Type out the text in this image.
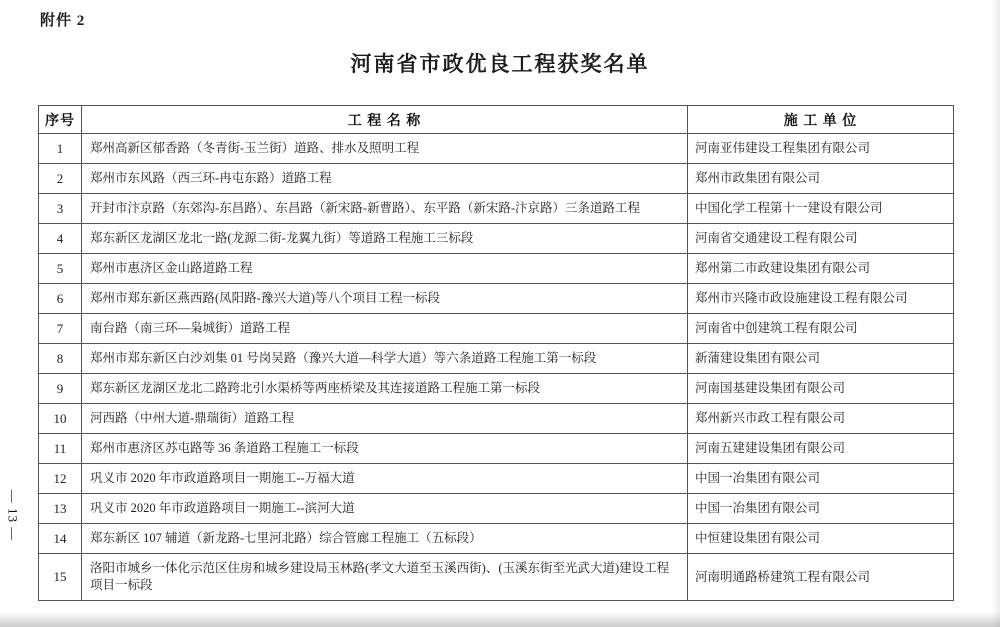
附件 2
河南省市政优良工程获奖名单
— 13 —
序号	工 程 名 称	施 工 单 位
1	郑州高新区郁香路（冬青街-玉兰街）道路、排水及照明工程	河南亚伟建设工程集团有限公司
2	郑州市东风路（西三环-冉屯东路）道路工程	郑州市政集团有限公司
3	开封市汴京路（东郊沟-东昌路）、东昌路（新宋路-新曹路）、东平路（新宋路-汴京路）三条道路工程	中国化学工程第十一建设有限公司
4	郑东新区龙湖区龙北一路(龙源二街-龙翼九街）等道路工程施工三标段	河南省交通建设工程有限公司
5	郑州市惠济区金山路道路工程	郑州第二市政建设集团有限公司
6	郑州市郑东新区燕西路(凤阳路-豫兴大道)等八个项目工程一标段	郑州市兴隆市政设施建设工程有限公司
7	南台路（南三环—枭城街）道路工程	河南省中创建筑工程有限公司
8	郑州市郑东新区白沙刘集 01 号岗吴路（豫兴大道—科学大道）等六条道路工程施工第一标段	新蒲建设集团有限公司
9	郑东新区龙湖区龙北二路跨北引水渠桥等两座桥梁及其连接道路工程施工第一标段	河南国基建设集团有限公司
10	河西路（中州大道-鼎瑞街）道路工程	郑州新兴市政工程有限公司
11	郑州市惠济区苏屯路等 36 条道路工程施工一标段	河南五建建设集团有限公司
12	巩义市 2020 年市政道路项目一期施工--万福大道	中国一冶集团有限公司
13	巩义市 2020 年市政道路项目一期施工--滨河大道	中国一冶集团有限公司
14	郑东新区 107 辅道（新龙路-七里河北路）综合管廊工程施工（五标段）	中恒建设集团有限公司
15	洛阳市城乡一体化示范区住房和城乡建设局玉林路(孝文大道至玉溪西街)、(玉溪东街至光武大道)建设工程项目一标段	河南明通路桥建筑工程有限公司
